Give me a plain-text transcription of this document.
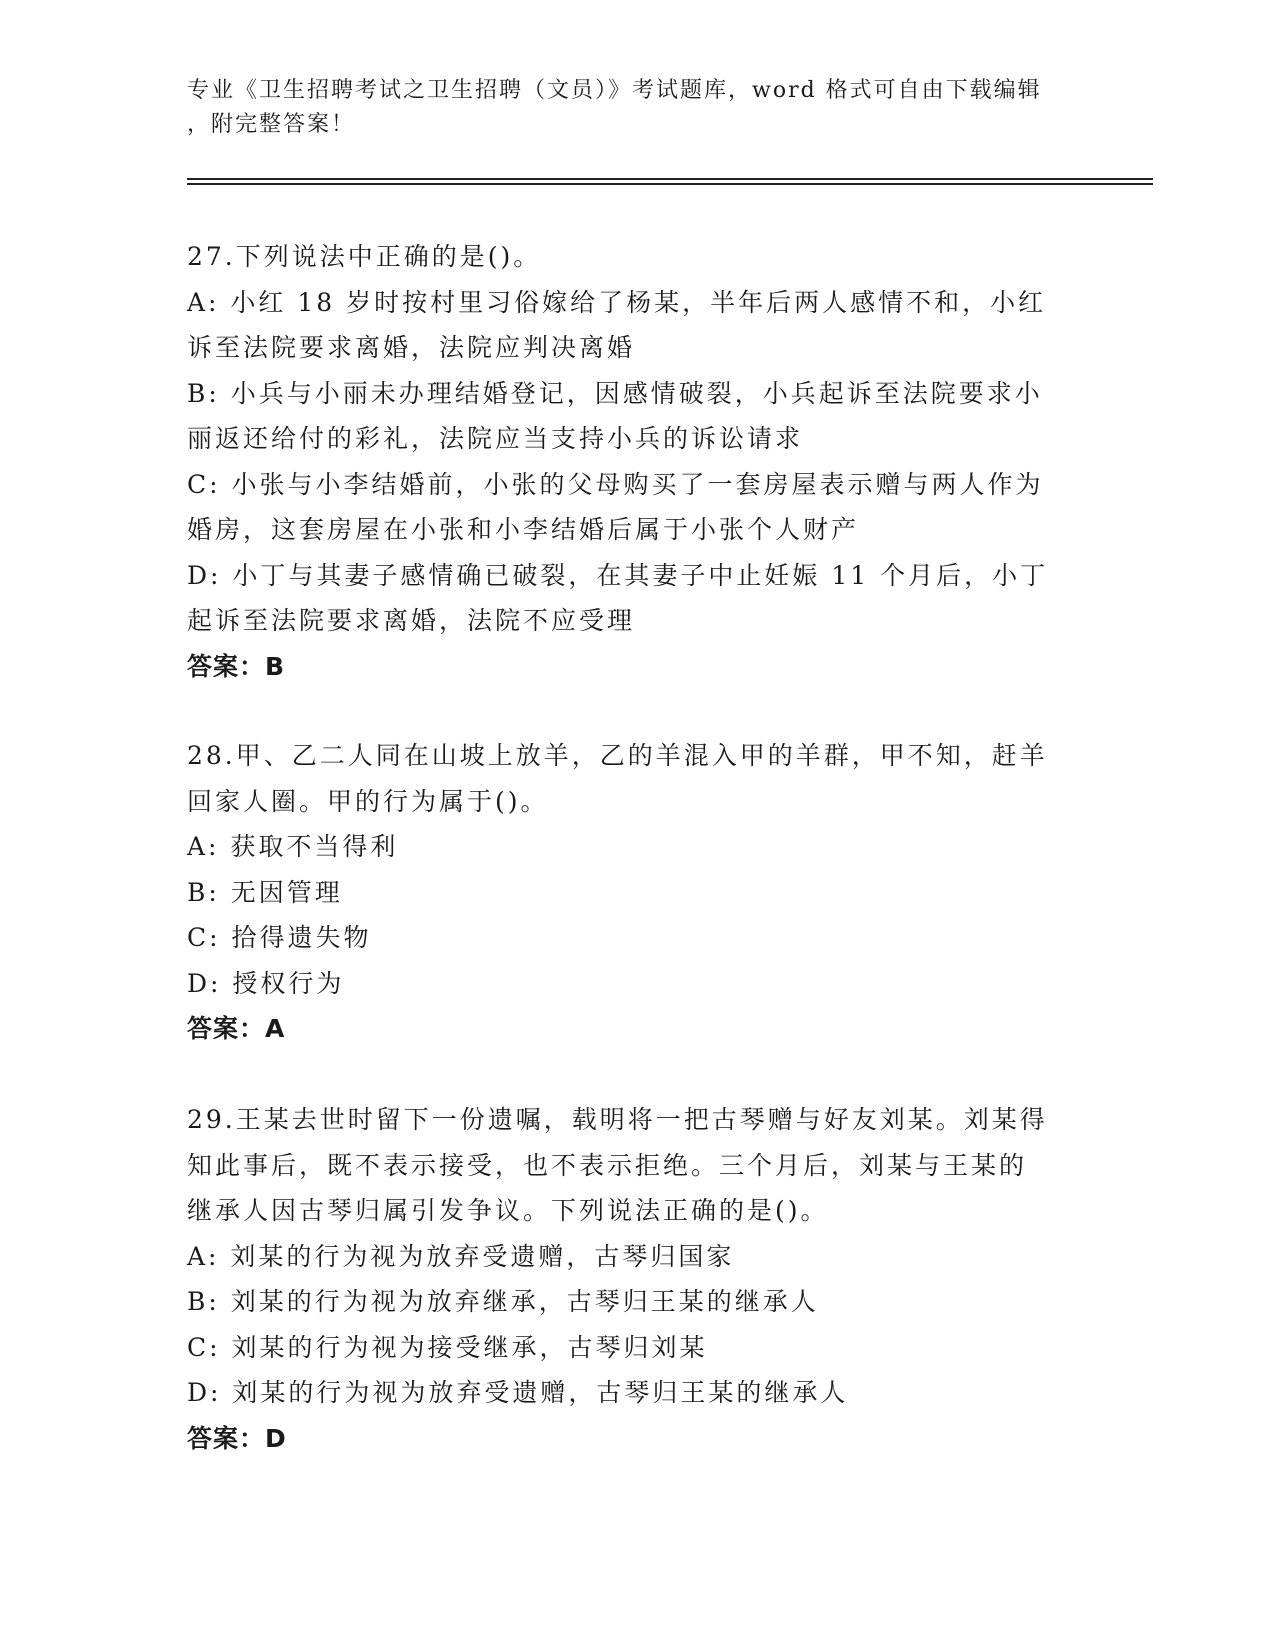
专业《卫生招聘考试之卫生招聘（文员）》考试题库，word 格式可自由下载编辑
，附完整答案！
27.下列说法中正确的是()。
A: 小红 18 岁时按村里习俗嫁给了杨某，半年后两人感情不和，小红
诉至法院要求离婚，法院应判决离婚
B: 小兵与小丽未办理结婚登记，因感情破裂，小兵起诉至法院要求小
丽返还给付的彩礼，法院应当支持小兵的诉讼请求
C: 小张与小李结婚前，小张的父母购买了一套房屋表示赠与两人作为
婚房，这套房屋在小张和小李结婚后属于小张个人财产
D: 小丁与其妻子感情确已破裂，在其妻子中止妊娠 11 个月后，小丁
起诉至法院要求离婚，法院不应受理
答案：B
28.甲、乙二人同在山坡上放羊，乙的羊混入甲的羊群，甲不知，赶羊
回家人圈。甲的行为属于()。
A: 获取不当得利
B: 无因管理
C: 拾得遗失物
D: 授权行为
答案：A
29.王某去世时留下一份遗嘱，载明将一把古琴赠与好友刘某。刘某得
知此事后，既不表示接受，也不表示拒绝。三个月后，刘某与王某的
继承人因古琴归属引发争议。下列说法正确的是()。
A: 刘某的行为视为放弃受遗赠，古琴归国家
B: 刘某的行为视为放弃继承，古琴归王某的继承人
C: 刘某的行为视为接受继承，古琴归刘某
D: 刘某的行为视为放弃受遗赠，古琴归王某的继承人
答案：D
